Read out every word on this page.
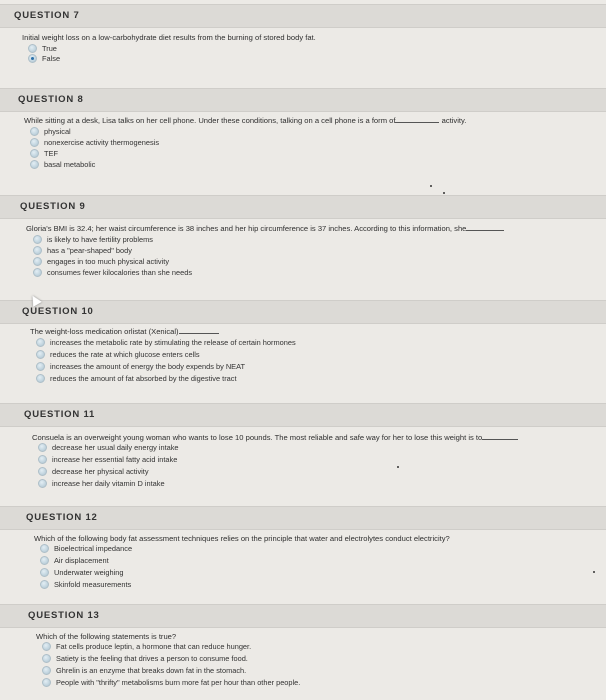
QUESTION 7
Initial weight loss on a low-carbohydrate diet results from the burning of stored body fat.
True
False
QUESTION 8
While sitting at a desk, Lisa talks on her cell phone. Under these conditions, talking on a cell phone is a form of	activity.
physical
nonexercise activity thermogenesis
TEF
basal metabolic
QUESTION 9
Gloria's BMI is 32.4; her waist circumference is 38 inches and her hip circumference is 37 inches. According to this information, she
is likely to have fertility problems
has a "pear-shaped" body
engages in too much physical activity
consumes fewer kilocalories than she needs
QUESTION 10
The weight-loss medication orlistat (Xenical)
increases the metabolic rate by stimulating the release of certain hormones
reduces the rate at which glucose enters cells
increases the amount of energy the body expends by NEAT
reduces the amount of fat absorbed by the digestive tract
QUESTION 11
Consuela is an overweight young woman who wants to lose 10 pounds. The most reliable and safe way for her to lose this weight is to
decrease her usual daily energy intake
increase her essential fatty acid intake
decrease her physical activity
increase her daily vitamin D intake
QUESTION 12
Which of the following body fat assessment techniques relies on the principle that water and electrolytes conduct electricity?
Bioelectrical impedance
Air displacement
Underwater weighing
Skinfold measurements
QUESTION 13
Which of the following statements is true?
Fat cells produce leptin, a hormone that can reduce hunger.
Satiety is the feeling that drives a person to consume food.
Ghrelin is an enzyme that breaks down fat in the stomach.
People with "thrifty" metabolisms burn more fat per hour than other people.
